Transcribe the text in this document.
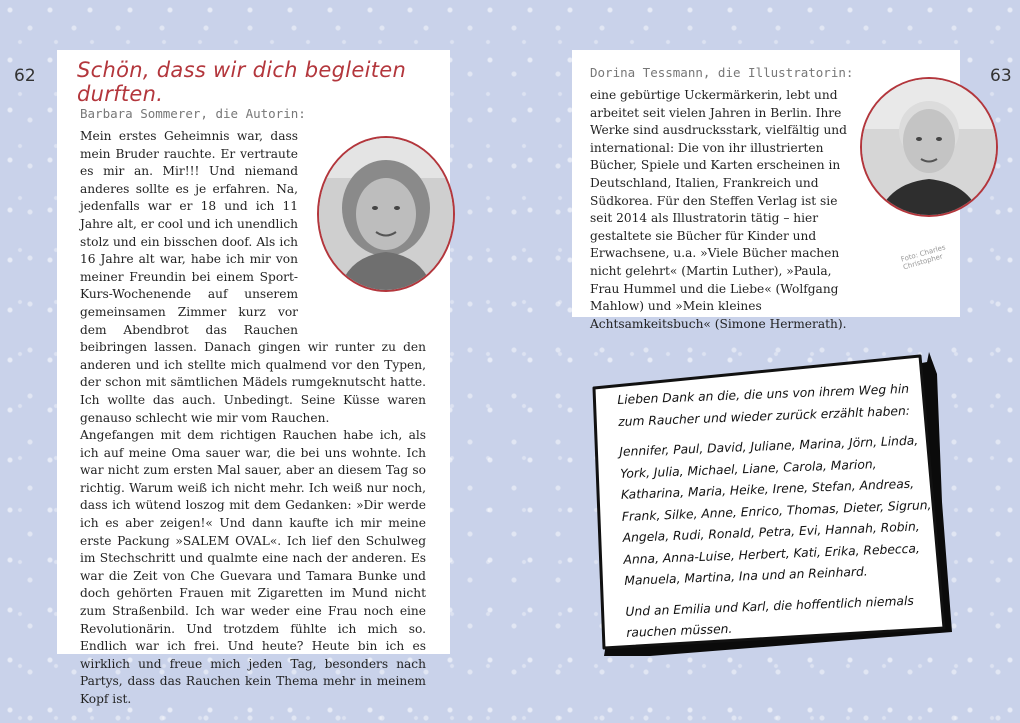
62	63
Schön, dass wir dich begleiten durften.
Barbara Sommerer, die Autorin:
Mein erstes Geheimnis war, dass mein Bruder rauchte. Er vertraute es mir an. Mir!!! Und niemand anderes sollte es je erfahren. Na, jedenfalls war er 18 und ich 11 Jahre alt, er cool und ich unendlich stolz und ein bisschen doof. Als ich 16 Jahre alt war, habe ich mir von meiner Freundin bei einem Sport-Kurs-Wochenende auf unserem gemeinsamen Zimmer kurz vor dem Abendbrot das Rauchen beibringen lassen. Danach gingen wir runter zu den anderen und ich stellte mich qualmend vor den Typen, der schon mit sämtlichen Mädels rumgeknutscht hatte. Ich wollte das auch. Unbedingt. Seine Küsse waren genauso schlecht wie mir vom Rauchen.
Angefangen mit dem richtigen Rauchen habe ich, als ich auf meine Oma sauer war, die bei uns wohnte. Ich war nicht zum ersten Mal sauer, aber an diesem Tag so richtig. Warum weiß ich nicht mehr. Ich weiß nur noch, dass ich wütend loszog mit dem Gedanken: »Dir werde ich es aber zeigen!« Und dann kaufte ich mir meine erste Packung »SALEM OVAL«. Ich lief den Schulweg im Stechschritt und qualmte eine nach der anderen. Es war die Zeit von Che Guevara und Tamara Bunke und doch gehörten Frauen mit Zigaretten im Mund nicht zum Straßenbild. Ich war weder eine Frau noch eine Revolutionärin. Und trotzdem fühlte ich mich so. Endlich war ich frei. Und heute? Heute bin ich es wirklich und freue mich jeden Tag, besonders nach Partys, dass das Rauchen kein Thema mehr in meinem Kopf ist.
Dorina Tessmann, die Illustratorin:
eine gebürtige Uckermärkerin, lebt und arbeitet seit vielen Jahren in Berlin. Ihre Werke sind ausdrucksstark, vielfältig und international: Die von ihr illustrierten Bücher, Spiele und Karten erscheinen in Deutschland, Italien, Frankreich und Südkorea. Für den Steffen Verlag ist sie seit 2014 als Illustratorin tätig – hier gestaltete sie Bücher für Kinder und Erwachsene, u.a. »Viele Bücher machen nicht gelehrt« (Martin Luther), »Paula, Frau Hummel und die Liebe« (Wolfgang Mahlow) und »Mein kleines Achtsamkeitsbuch« (Simone Hermerath).
Foto: Charles Christopher

Lieben Dank an die, die uns von ihrem Weg hin zum Raucher und wieder zurück erzählt haben:

Jennifer, Paul, David, Juliane, Marina, Jörn, Linda, York, Julia, Michael, Liane, Carola, Marion, Katharina, Maria, Heike, Irene, Stefan, Andreas, Frank, Silke, Anne, Enrico, Thomas, Dieter, Sigrun, Angela, Rudi, Ronald, Petra, Evi, Hannah, Robin, Anna, Anna-Luise, Herbert, Kati, Erika, Rebecca, Manuela, Martina, Ina und an Reinhard.

Und an Emilia und Karl, die hoffentlich niemals rauchen müssen.
